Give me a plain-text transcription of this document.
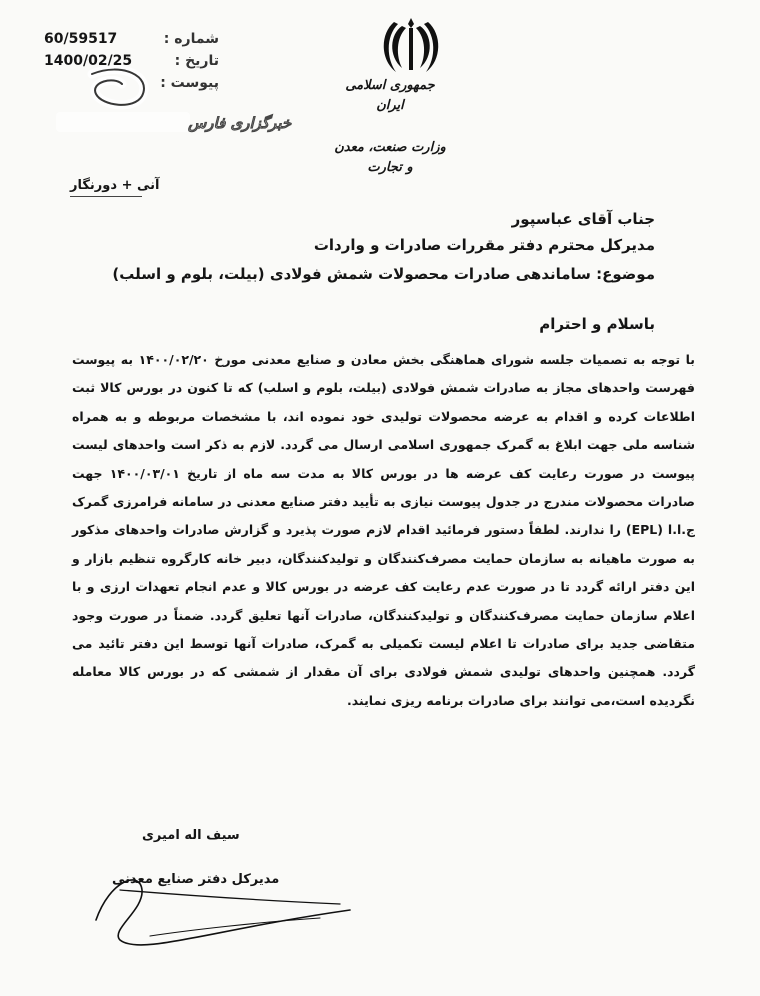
60/59517	شماره :
1400/02/25	تاریخ :
پیوست :
خبرگزاری فارس
جمهوری اسلامی ایران
وزارت صنعت، معدن و تجارت
آنی + دورنگار
جناب آقای عباسپور
مدیرکل محترم دفتر مقررات صادرات و واردات
موضوع: ساماندهی صادرات محصولات شمش فولادی (بیلت، بلوم و اسلب)
باسلام و احترام
با توجه به تصمیات جلسه شورای هماهنگی بخش معادن و صنایع معدنی مورخ ۱۴۰۰/۰۲/۲۰ به پیوست فهرست واحدهای مجاز به صادرات شمش فولادی (بیلت، بلوم و اسلب) که تا کنون در بورس کالا ثبت اطلاعات کرده و اقدام به عرضه محصولات تولیدی خود نموده اند، با مشخصات مربوطه و به همراه شناسه ملی جهت ابلاغ به گمرک جمهوری اسلامی ارسال می گردد. لازم به ذکر است واحدهای لیست پیوست در صورت رعایت کف عرضه ها در بورس کالا به مدت سه ماه از تاریخ ۱۴۰۰/۰۳/۰۱ جهت صادرات محصولات مندرج در جدول پیوست نیازی به تأیید دفتر صنایع معدنی در سامانه فرامرزی گمرک ج.ا.ا (EPL) را ندارند. لطفاً دستور فرمائید اقدام لازم صورت پذیرد و گزارش صادرات واحدهای مذکور به صورت ماهیانه به سازمان حمایت مصرف‌کنندگان و تولیدکنندگان، دبیر خانه کارگروه تنظیم بازار و این دفتر ارائه گردد تا در صورت عدم رعایت کف عرضه در بورس کالا و عدم انجام تعهدات ارزی و با اعلام سازمان حمایت مصرف‌کنندگان و تولیدکنندگان، صادرات آنها تعلیق گردد. ضمناً در صورت وجود متقاضی جدید برای صادرات تا اعلام لیست تکمیلی به گمرک، صادرات آنها توسط این دفتر تائید می گردد. همچنین واحدهای تولیدی شمش فولادی برای آن مقدار از شمشی که در بورس کالا معامله نگردیده است،می توانند برای صادرات برنامه ریزی نمایند.
سیف اله امیری
مدیرکل دفتر صنایع معدنی
